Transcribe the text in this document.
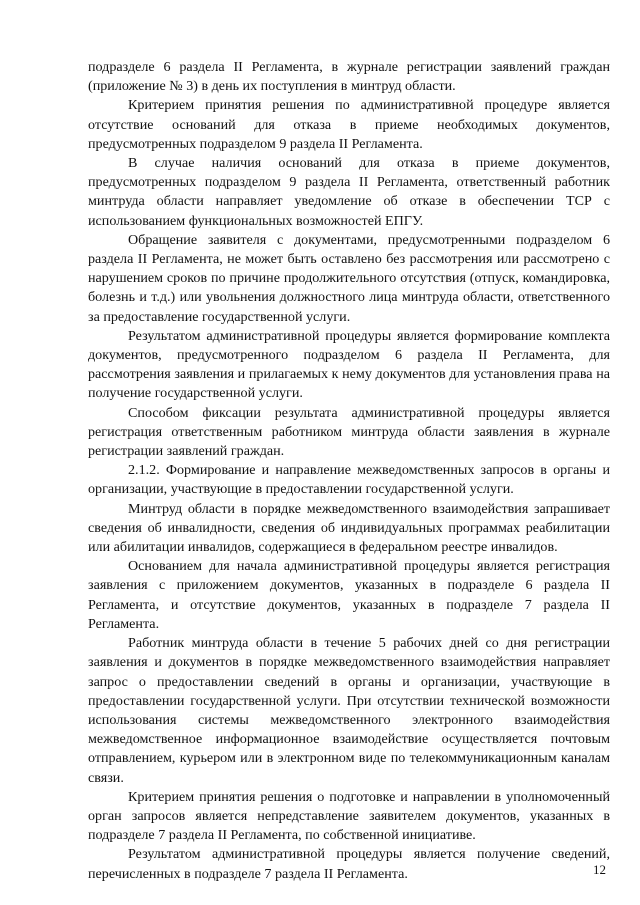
подразделе 6 раздела II Регламента, в журнале регистрации заявлений граждан (приложение № 3) в день их поступления в минтруд области.

Критерием принятия решения по административной процедуре является отсутствие оснований для отказа в приеме необходимых документов, предусмотренных подразделом 9 раздела II Регламента.

В случае наличия оснований для отказа в приеме документов, предусмотренных подразделом 9 раздела II Регламента, ответственный работник минтруда области направляет уведомление об отказе в обеспечении ТСР с использованием функциональных возможностей ЕПГУ.

Обращение заявителя с документами, предусмотренными подразделом 6 раздела II Регламента, не может быть оставлено без рассмотрения или рассмотрено с нарушением сроков по причине продолжительного отсутствия (отпуск, командировка, болезнь и т.д.) или увольнения должностного лица минтруда области, ответственного за предоставление государственной услуги.

Результатом административной процедуры является формирование комплекта документов, предусмотренного подразделом 6 раздела II Регламента, для рассмотрения заявления и прилагаемых к нему документов для установления права на получение государственной услуги.

Способом фиксации результата административной процедуры является регистрация ответственным работником минтруда области заявления в журнале регистрации заявлений граждан.

2.1.2. Формирование и направление межведомственных запросов в органы и организации, участвующие в предоставлении государственной услуги.

Минтруд области в порядке межведомственного взаимодействия запрашивает сведения об инвалидности, сведения об индивидуальных программах реабилитации или абилитации инвалидов, содержащиеся в федеральном реестре инвалидов.

Основанием для начала административной процедуры является регистрация заявления с приложением документов, указанных в подразделе 6 раздела II Регламента, и отсутствие документов, указанных в подразделе 7 раздела II Регламента.

Работник минтруда области в течение 5 рабочих дней со дня регистрации заявления и документов в порядке межведомственного взаимодействия направляет запрос о предоставлении сведений в органы и организации, участвующие в предоставлении государственной услуги. При отсутствии технической возможности использования системы межведомственного электронного взаимодействия межведомственное информационное взаимодействие осуществляется почтовым отправлением, курьером или в электронном виде по телекоммуникационным каналам связи.

Критерием принятия решения о подготовке и направлении в уполномоченный орган запросов является непредставление заявителем документов, указанных в подразделе 7 раздела II Регламента, по собственной инициативе.

Результатом административной процедуры является получение сведений, перечисленных в подразделе 7 раздела II Регламента.	12
